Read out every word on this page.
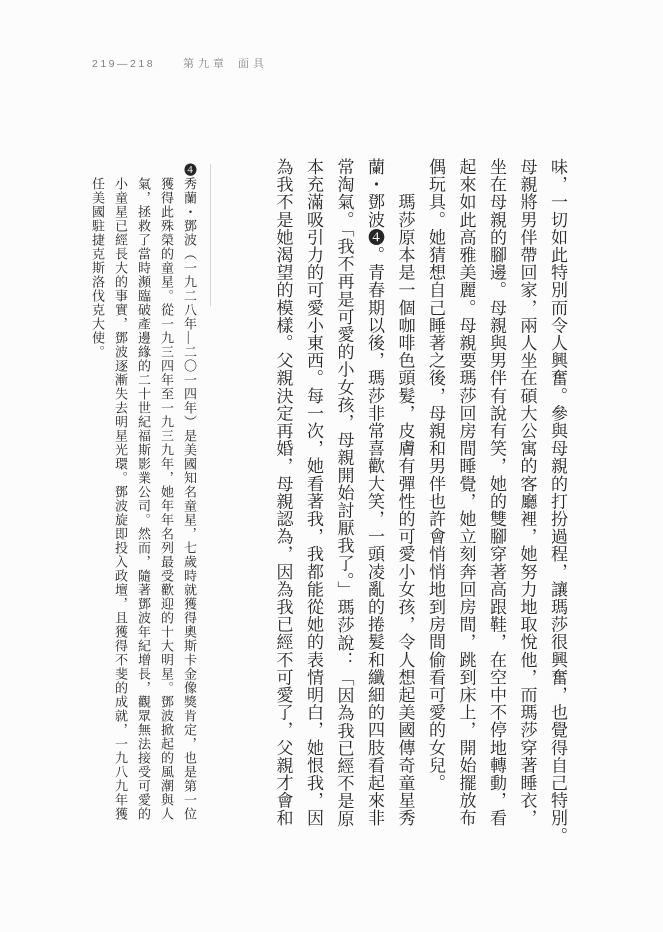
219—218	第九章 面具

味，一切如此特別而令人興奮。參與母親的打扮過程，讓瑪莎很興奮，也覺得自己特別。

母親將男伴帶回家，兩人坐在碩大公寓的客廳裡，她努力地取悅他，而瑪莎穿著睡衣，

坐在母親的腳邊。母親與男伴有說有笑，她的雙腳穿著高跟鞋，在空中不停地轉動，看

起來如此高雅美麗。母親要瑪莎回房間睡覺，她立刻奔回房間，跳到床上，開始擺放布

偶玩具。她猜想自己睡著之後，母親和男伴也許會悄悄地到房間偷看可愛的女兒。

　　瑪莎原本是一個咖啡色頭髮，皮膚有彈性的可愛小女孩，令人想起美國傳奇童星秀

蘭・鄧波❹。青春期以後，瑪莎非常喜歡大笑，一頭凌亂的捲髮和纖細的四肢看起來非

常淘氣。「我不再是可愛的小女孩，母親開始討厭我了。」瑪莎說：「因為我已經不是原

本充滿吸引力的可愛小東西。每一次，她看著我，我都能從她的表情明白，她恨我，因

為我不是她渴望的模樣。父親決定再婚，母親認為，因為我已經不可愛了，父親才會和

❹秀蘭・鄧波（一九二八年—二〇一四年）是美國知名童星，七歲時就獲得奧斯卡金像獎肯定，也是第一位

獲得此殊榮的童星。從一九三四年至一九三九年，她年年名列最受歡迎的十大明星。鄧波掀起的風潮與人

氣，拯救了當時瀕臨破產邊緣的二十世紀福斯影業公司。然而，隨著鄧波年紀增長，觀眾無法接受可愛的

小童星已經長大的事實，鄧波逐漸失去明星光環。鄧波旋即投入政壇，且獲得不斐的成就，一九八九年獲

任美國駐捷克斯洛伐克大使。
